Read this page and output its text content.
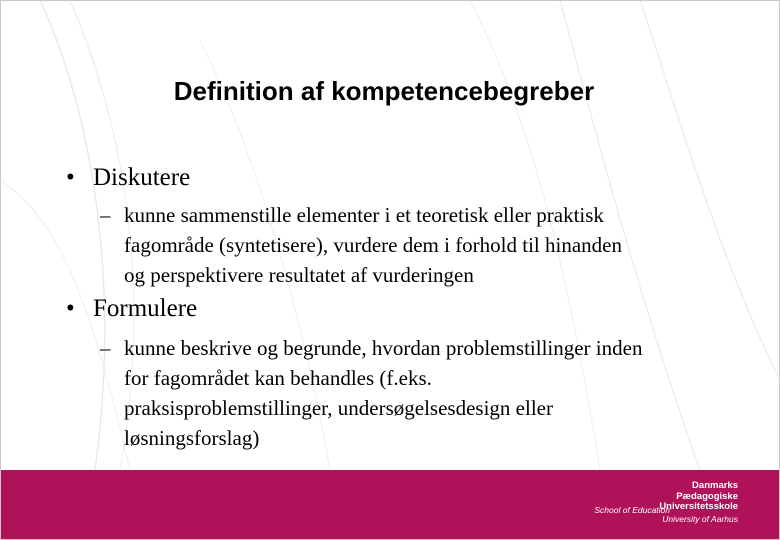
Definition af kompetencebegreber
• Diskutere
– kunne sammenstille elementer i et teoretisk eller praktisk
fagområde (syntetisere), vurdere dem i forhold til hinanden
og perspektivere resultatet af vurderingen
• Formulere
– kunne beskrive og begrunde, hvordan problemstillinger inden
for fagområdet kan behandles (f.eks.
praksisproblemstillinger, undersøgelsesdesign eller
løsningsforslag)
School of Education
Danmarks
Pædagogiske
Universitetsskole
University of Aarhus
